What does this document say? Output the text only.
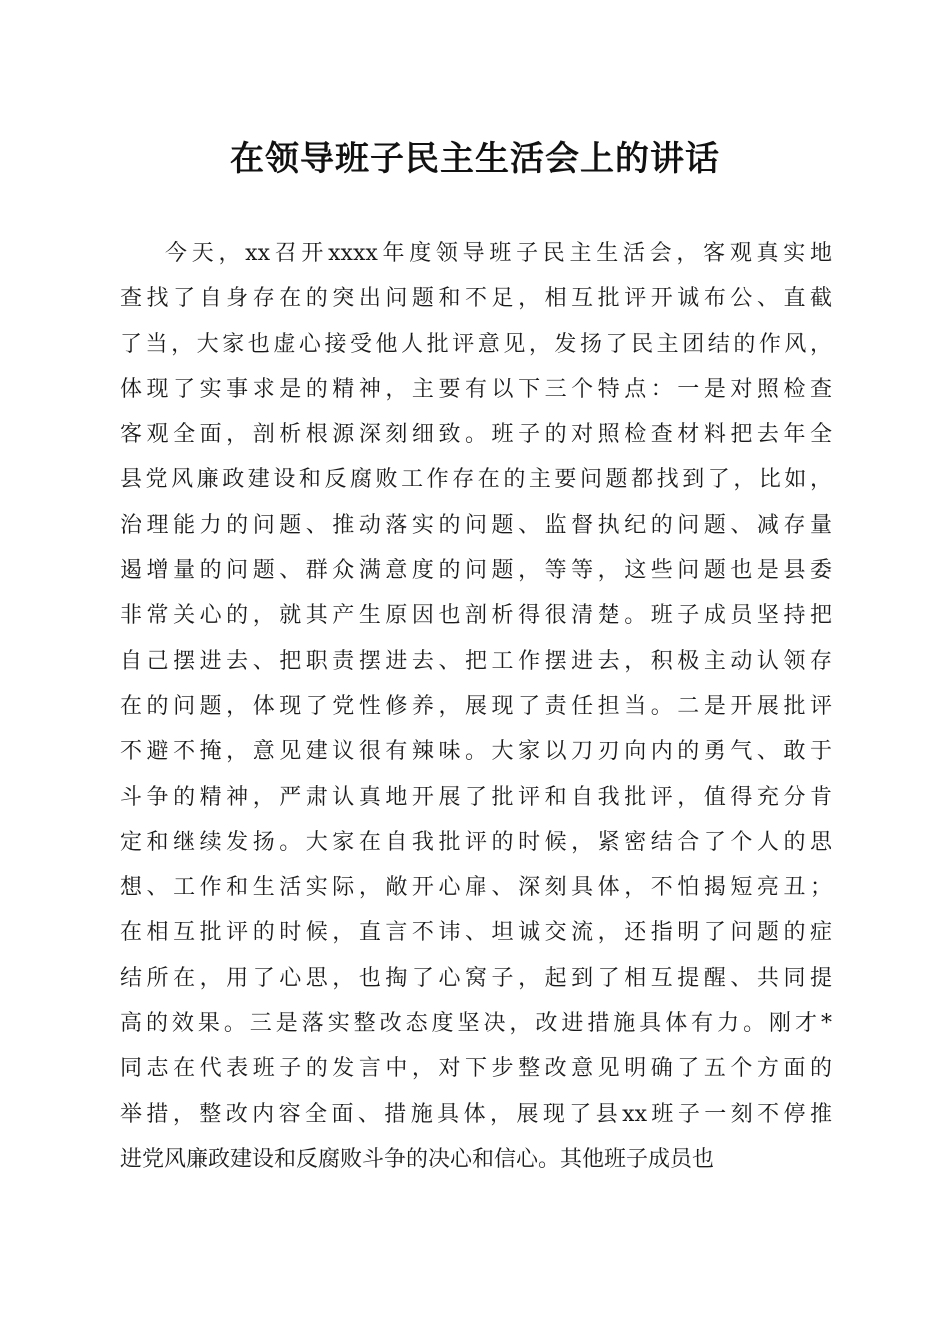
在领导班子民主生活会上的讲话
今天，xx召开xxxx年度领导班子民主生活会，客观真实地
查找了自身存在的突出问题和不足，相互批评开诚布公、直截
了当，大家也虚心接受他人批评意见，发扬了民主团结的作风，
体现了实事求是的精神，主要有以下三个特点：一是对照检查
客观全面，剖析根源深刻细致。班子的对照检查材料把去年全
县党风廉政建设和反腐败工作存在的主要问题都找到了，比如，
治理能力的问题、推动落实的问题、监督执纪的问题、减存量
遏增量的问题、群众满意度的问题，等等，这些问题也是县委
非常关心的，就其产生原因也剖析得很清楚。班子成员坚持把
自己摆进去、把职责摆进去、把工作摆进去，积极主动认领存
在的问题，体现了党性修养，展现了责任担当。二是开展批评
不避不掩，意见建议很有辣味。大家以刀刃向内的勇气、敢于
斗争的精神，严肃认真地开展了批评和自我批评，值得充分肯
定和继续发扬。大家在自我批评的时候，紧密结合了个人的思
想、工作和生活实际，敞开心扉、深刻具体，不怕揭短亮丑；
在相互批评的时候，直言不讳、坦诚交流，还指明了问题的症
结所在，用了心思，也掏了心窝子，起到了相互提醒、共同提
高的效果。三是落实整改态度坚决，改进措施具体有力。刚才*
同志在代表班子的发言中，对下步整改意见明确了五个方面的
举措，整改内容全面、措施具体，展现了县xx班子一刻不停推
进党风廉政建设和反腐败斗争的决心和信心。其他班子成员也
